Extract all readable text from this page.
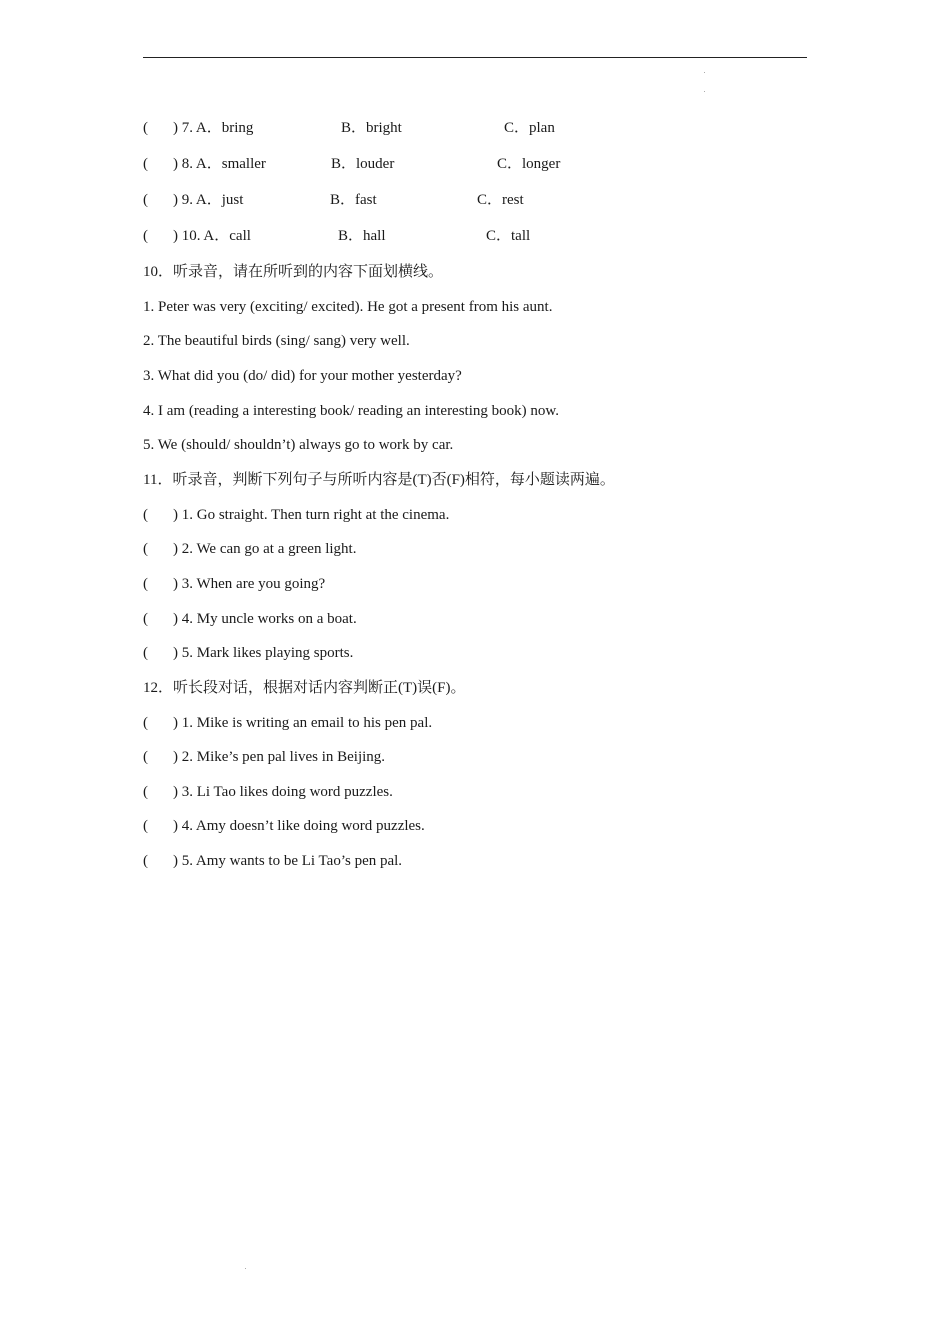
( ) 7. A．bring	B．bright	C．plan
( ) 8. A．smaller	B．louder	C．longer
( ) 9. A．just	B．fast	C．rest
( ) 10. A．call	B．hall	C．tall
10．听录音，请在所听到的内容下面划横线。
1. Peter was very (exciting/ excited). He got a present from his aunt.
2. The beautiful birds (sing/ sang) very well.
3. What did you (do/ did) for your mother yesterday?
4. I am (reading a interesting book/ reading an interesting book) now.
5. We (should/ shouldn’t) always go to work by car.
11．听录音，判断下列句子与所听内容是(T)否(F)相符，每小题读两遍。
( ) 1. Go straight. Then turn right at the cinema.
( ) 2. We can go at a green light.
( ) 3. When are you going?
( ) 4. My uncle works on a boat.
( ) 5. Mark likes playing sports.
12．听长段对话，根据对话内容判断正(T)误(F)。
( ) 1. Mike is writing an email to his pen pal.
( ) 2. Mike’s pen pal lives in Beijing.
( ) 3. Li Tao likes doing word puzzles.
( ) 4. Amy doesn’t like doing word puzzles.
( ) 5. Amy wants to be Li Tao’s pen pal.
